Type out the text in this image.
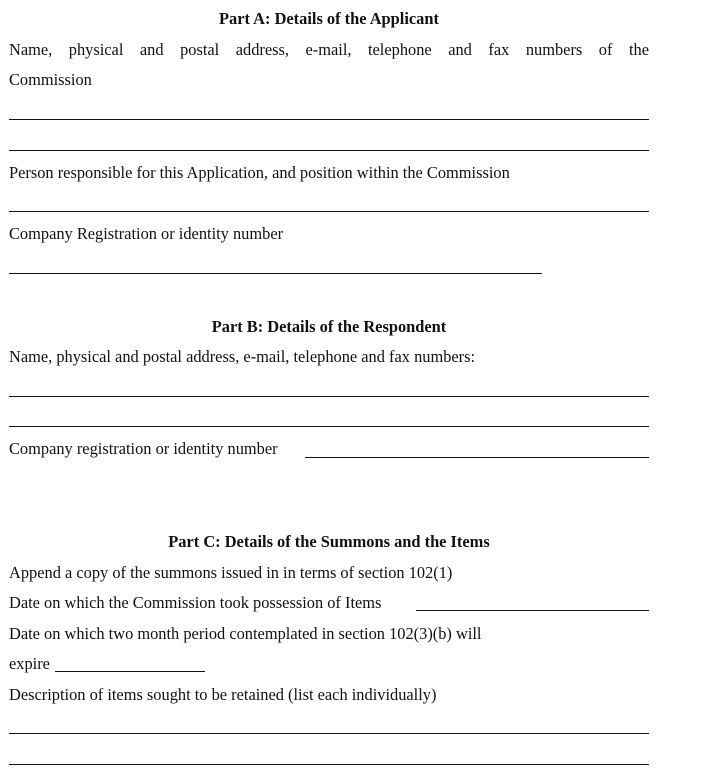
Part A: Details of the Applicant
Name, physical and postal address, e-mail, telephone and fax numbers of the
Commission
Person responsible for this Application, and position within the Commission
Company Registration or identity number
Part B: Details of the Respondent
Name, physical and postal address, e-mail, telephone and fax numbers:
Company registration or identity number
Part C: Details of the Summons and the Items
Append a copy of the summons issued in in terms of section 102(1)
Date on which the Commission took possession of Items
Date on which two month period contemplated in section 102(3)(b) will
expire
Description of items sought to be retained (list each individually)
